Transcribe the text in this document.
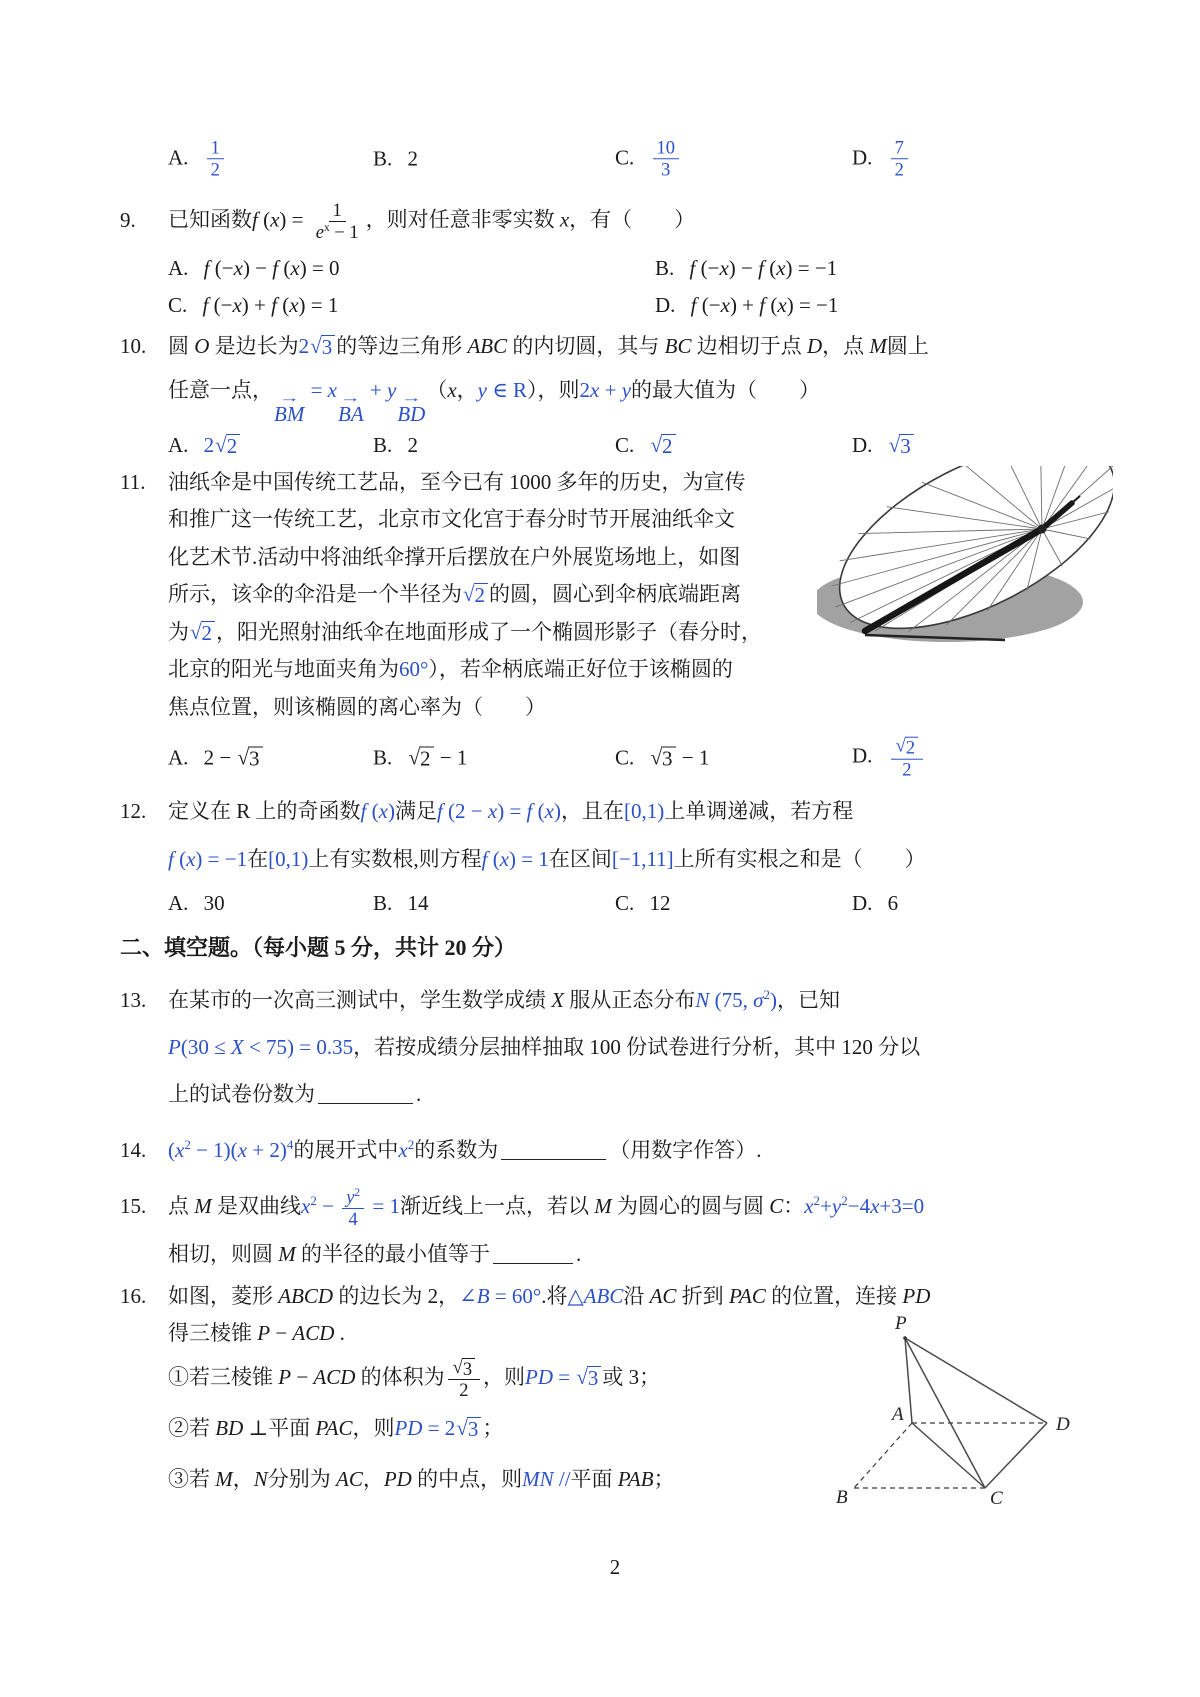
A. $\frac{1}{2}$	B. 2	C. $\frac{10}{3}$	D. $\frac{7}{2}$
9.已知函数f $(x) = \frac{1}{e^x - 1}$ ，则对任意非零实数 x，有（　　）
A. f (−x) − f (x) = 0	B. f (−x) − f (x) = −1
C. f (−x) + f (x) = 1	D. f (−x) + f (x) = −1
10.圆 O 是边长为2 √ 3 的等边三角形 ABC 的内切圆，其与 BC 边相切于点 D，点 M圆上
任意一点， →
BM
= x →
BA
+ y →
BD
（x，y ∈ R），则2x + y的最大值为（　　）
A. 2 √ 2	B. 2	C. √ 2	D. √ 3
11.油纸伞是中国传统工艺品，至今已有 1000 多年的历史，为宣传
和推广这一传统工艺，北京市文化宫于春分时节开展油纸伞文
化艺术节.活动中将油纸伞撑开后摆放在户外展览场地上，如图
所示，该伞的伞沿是一个半径为 √ 2 的圆，圆心到伞柄底端距离
为 √ 2 ，阳光照射油纸伞在地面形成了一个椭圆形影子（春分时，
北京的阳光与地面夹角为60°），若伞柄底端正好位于该椭圆的
焦点位置，则该椭圆的离心率为（　　）
A. 2 − √ 3	B. √ 2 − 1	C. √ 3 − 1	D. $\frac{√ 2}{2}$
12.定义在 R 上的奇函数f (x)满足f (2 − x) = f (x)，且在[0,1)上单调递减，若方程
f (x) = −1在[0,1)上有实数根,则方程f (x) = 1在区间[−1,11]上所有实根之和是（　　）
A. 30	B. 14	C. 12	D. 6
二、填空题。（每小题 5 分，共计 20 分）
13.在某市的一次高三测试中，学生数学成绩 X 服从正态分布N (75, $\sigma^2$)，已知
P(30 ≤ X < 75) = 0.35，若按成绩分层抽样抽取 100 份试卷进行分析，其中 120 分以
上的试卷份数为	.
$14.(x^2 - 1)(x + 2)^4$的展开式中$x^2$的系数为	（用数字作答）.
15.点 M 是双曲线$x^2 - \frac{y^2}{4} = 1$渐近线上一点，若以 M 为圆心的圆与圆 C：$x^2+y^2-4x+3=0$
相切，则圆 M 的半径的最小值等于	.
16.如图，菱形 ABCD 的边长为 2，∠B = 60°.将△ABC沿 AC 折到 PAC 的位置，连接 PD
得三棱锥 P − ACD .
①若三棱锥 P − ACD 的体积为 $\frac{√ 3}{2}$ ，则PD = √ 3 或 3；
②若 BD ⊥平面 PAC，则PD = 2 √ 3 ；
③若 M，N分别为 AC，PD 的中点，则MN //平面 PAB；
P
A	D
C
B
2
